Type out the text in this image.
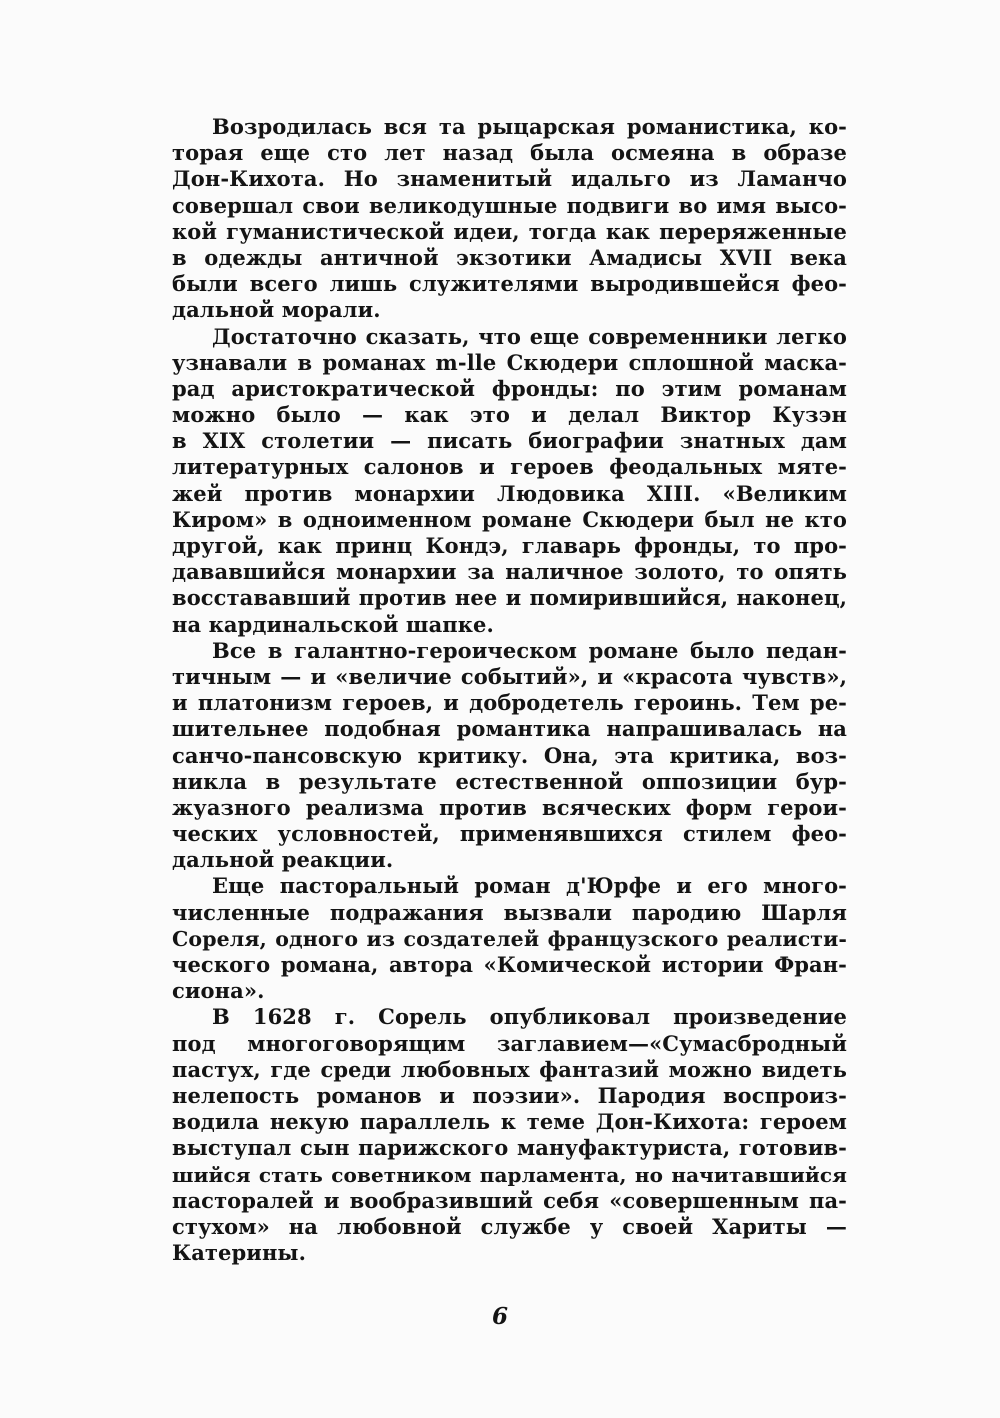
Возродилась вся та рыцарская романистика, ко-
торая еще сто лет назад была осмеяна в образе
Дон-Кихота. Но знаменитый идальго из Ламанчо
совершал свои великодушные подвиги во имя высо-
кой гуманистической идеи, тогда как переряженные
в одежды античной экзотики Амадисы XVII века
были всего лишь служителями выродившейся фео-
дальной морали.
Достаточно сказать, что еще современники легко
узнавали в романах m-lle Скюдери сплошной маска-
рад аристократической фронды: по этим романам
можно было — как это и делал Виктор Кузэн
в XIX столетии — писать биографии знатных дам
литературных салонов и героев феодальных мяте-
жей против монархии Людовика XIII. «Великим
Киром» в одноименном романе Скюдери был не кто
другой, как принц Кондэ, главарь фронды, то про-
дававшийся монархии за наличное золото, то опять
восстававший против нее и помирившийся, наконец,
на кардинальской шапке.
Все в галантно-героическом романе было педан-
тичным — и «величие событий», и «красота чувств»,
и платонизм героев, и добродетель героинь. Тем ре-
шительнее подобная романтика напрашивалась на
санчо-пансовскую критику. Она, эта критика, воз-
никла в результате естественной оппозиции бур-
жуазного реализма против всяческих форм герои-
ческих условностей, применявшихся стилем фео-
дальной реакции.
Еще пасторальный роман д'Юрфе и его много-
численные подражания вызвали пародию Шарля
Сореля, одного из создателей французского реалисти-
ческого романа, автора «Комической истории Фран-
сиона».
В 1628 г. Сорель опубликовал произведение
под многоговорящим заглавием—«Сумасбродный
пастух, где среди любовных фантазий можно видеть
нелепость романов и поэзии». Пародия воспроиз-
водила некую параллель к теме Дон-Кихота: героем
выступал сын парижского мануфактуриста, готовив-
шийся стать советником парламента, но начитавшийся
пасторалей и вообразивший себя «совершенным па-
стухом» на любовной службе у своей Хариты —
Катерины.
6
